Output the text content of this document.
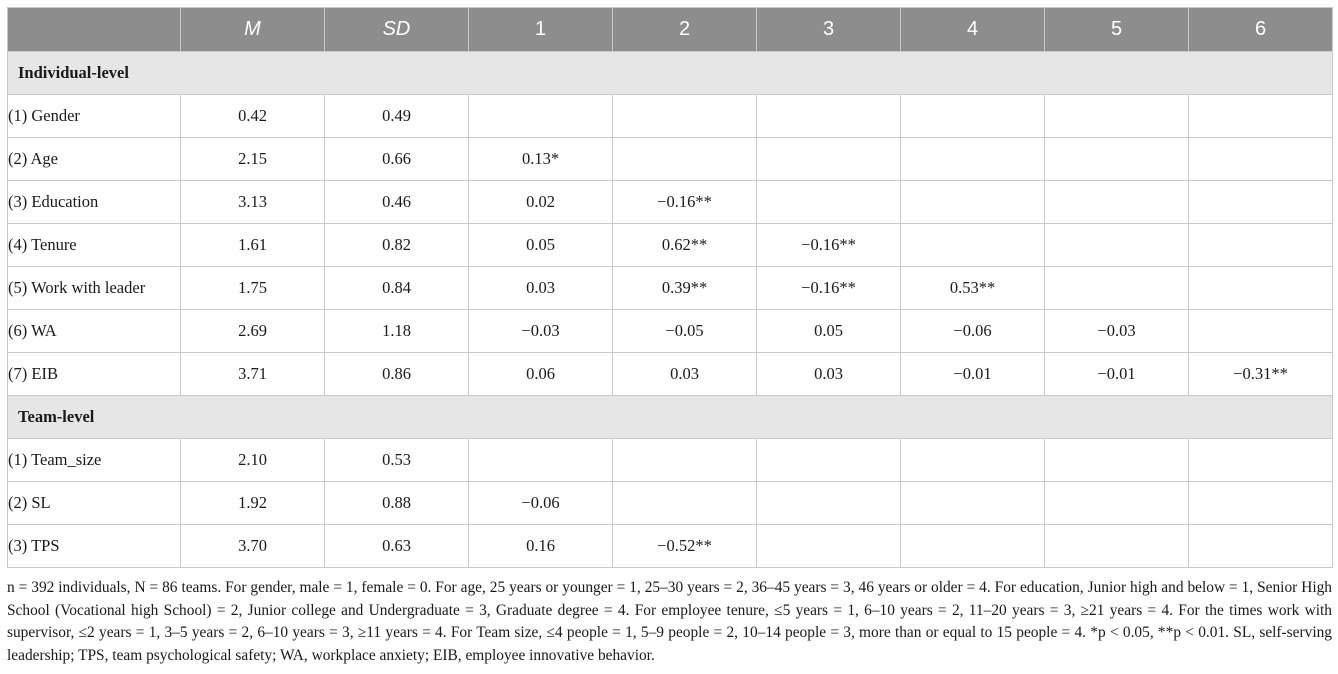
	M	SD	1	2	3	4	5	6
Individual-level								
(1) Gender	0.42	0.49						
(2) Age	2.15	0.66	0.13*					
(3) Education	3.13	0.46	0.02	−0.16**				
(4) Tenure	1.61	0.82	0.05	0.62**	−0.16**			
(5) Work with leader	1.75	0.84	0.03	0.39**	−0.16**	0.53**		
(6) WA	2.69	1.18	−0.03	−0.05	0.05	−0.06	−0.03	
(7) EIB	3.71	0.86	0.06	0.03	0.03	−0.01	−0.01	−0.31**
Team-level								
(1) Team_size	2.10	0.53						
(2) SL	1.92	0.88	−0.06					
(3) TPS	3.70	0.63	0.16	−0.52**				
n = 392 individuals, N = 86 teams. For gender, male = 1, female = 0. For age, 25 years or younger = 1, 25–30 years = 2, 36–45 years = 3, 46 years or older = 4. For education, Junior high and below = 1, Senior High School (Vocational high School) = 2, Junior college and Undergraduate = 3, Graduate degree = 4. For employee tenure, ≤5 years = 1, 6–10 years = 2, 11–20 years = 3, ≥21 years = 4. For the times work with supervisor, ≤2 years = 1, 3–5 years = 2, 6–10 years = 3, ≥11 years = 4. For Team size, ≤4 people = 1, 5–9 people = 2, 10–14 people = 3, more than or equal to 15 people = 4. *p < 0.05, **p < 0.01. SL, self-serving leadership; TPS, team psychological safety; WA, workplace anxiety; EIB, employee innovative behavior.
